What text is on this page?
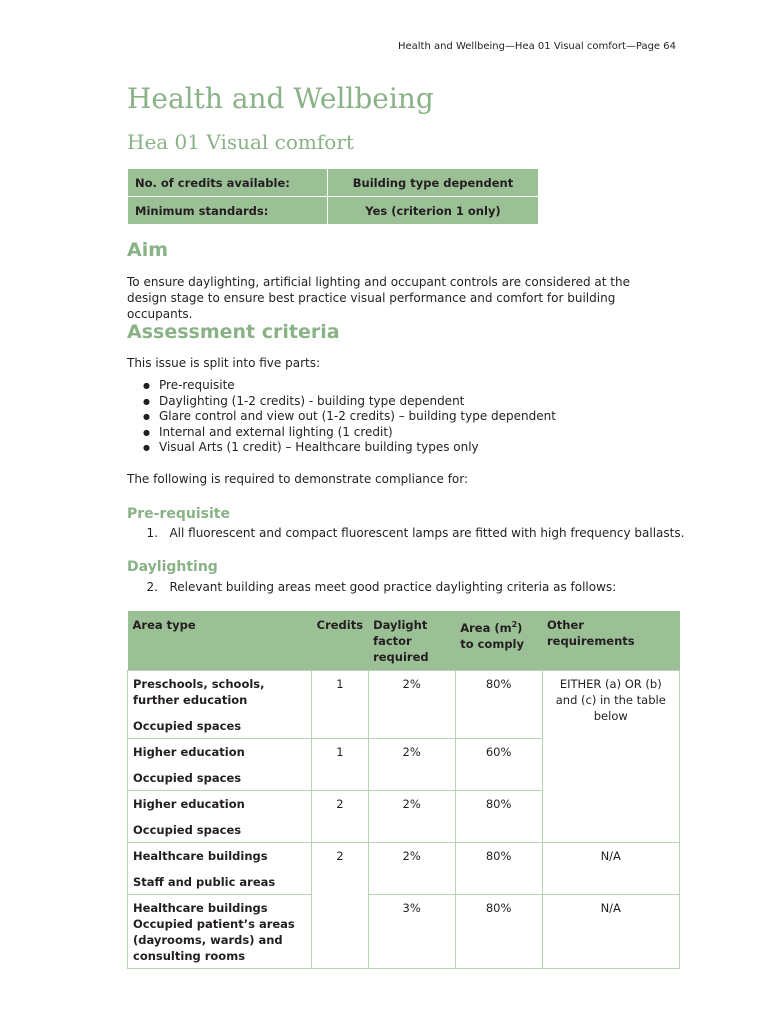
Health and Wellbeing—Hea 01 Visual comfort—Page 64
Health and Wellbeing
Hea 01 Visual comfort
No. of credits available:	Building type dependent
Minimum standards:	Yes (criterion 1 only)
Aim

To ensure daylighting, artificial lighting and occupant controls are considered at the design stage to ensure best practice visual performance and comfort for building occupants.

Assessment criteria

This issue is split into five parts:

● Pre-requisite
● Daylighting (1-2 credits) - building type dependent
● Glare control and view out (1-2 credits) – building type dependent
● Internal and external lighting (1 credit)
● Visual Arts (1 credit) – Healthcare building types only

The following is required to demonstrate compliance for:

Pre-requisite
1. All fluorescent and compact fluorescent lamps are fitted with high frequency ballasts.
Daylighting
2. Relevant building areas meet good practice daylighting criteria as follows:
Area type	Credits	Daylight factor required	Area $(m^2)$ to comply	Other requirements

Preschools, schools, further education

Occupied spaces	1	2%	80%	EITHER (a) OR (b) and (c) in the table below

Higher education

Occupied spaces	1	2%	60%	

Higher education

Occupied spaces	2	2%	80%	

Healthcare buildings

Staff and public areas	2	2%	80%	N/A

Healthcare buildings Occupied patient’s areas (dayrooms, wards) and consulting rooms		3%	80%	N/A
